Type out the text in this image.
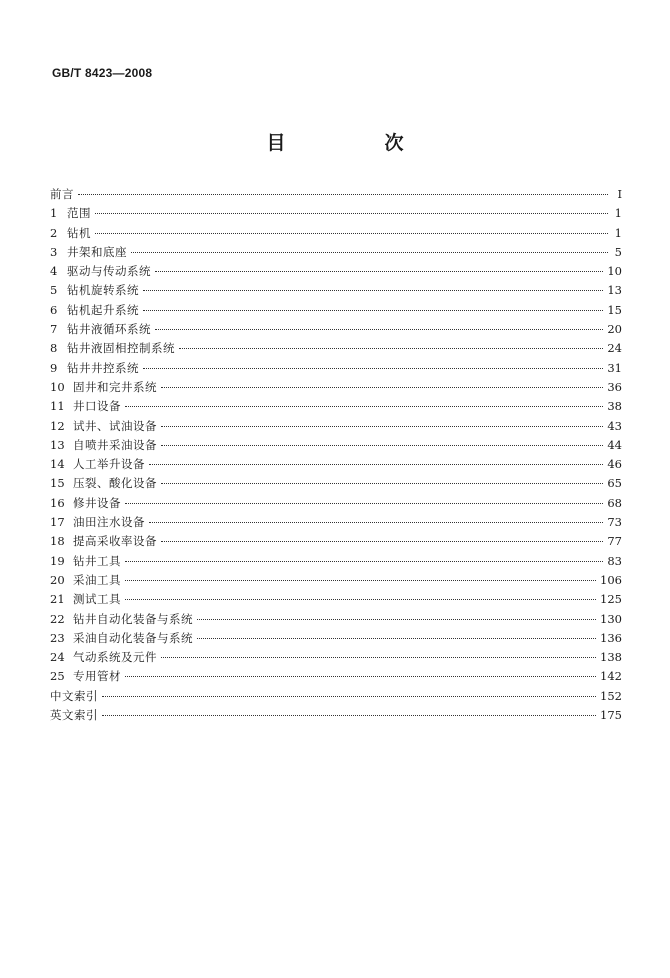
GB/T 8423—2008
目　次
前言	Ⅰ
1 范围	1
2 钻机	1
3 井架和底座	5
4 驱动与传动系统	10
5 钻机旋转系统	13
6 钻机起升系统	15
7 钻井液循环系统	20
8 钻井液固相控制系统	24
9 钻井井控系统	31
10 固井和完井系统	36
11 井口设备	38
12 试井、试油设备	43
13 自喷井采油设备	44
14 人工举升设备	46
15 压裂、酸化设备	65
16 修井设备	68
17 油田注水设备	73
18 提高采收率设备	77
19 钻井工具	83
20 采油工具	106
21 测试工具	125
22 钻井自动化装备与系统	130
23 采油自动化装备与系统	136
24 气动系统及元件	138
25 专用管材	142
中文索引	152
英文索引	175
